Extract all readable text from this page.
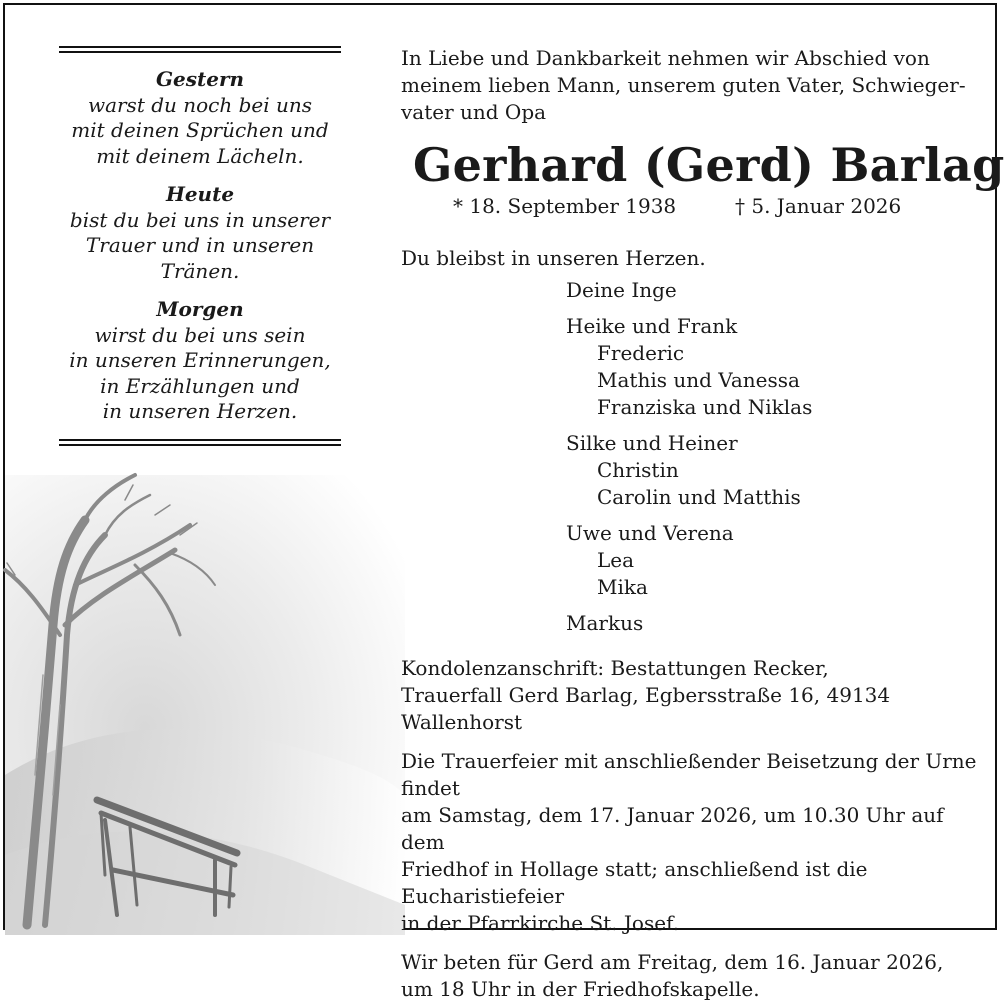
Gestern
warst du noch bei uns
mit deinen Sprüchen und
mit deinem Lächeln.
Heute
bist du bei uns in unserer
Trauer und in unseren Tränen.
Morgen
wirst du bei uns sein
in unseren Erinnerungen,
in Erzählungen und
in unseren Herzen.

In Liebe und Dankbarkeit nehmen wir Abschied von
meinem lieben Mann, unserem guten Vater, Schwieger-
vater und Opa

Gerhard (Gerd) Barlag
* 18. September 1938	† 5. Januar 2026
Du bleibst in unseren Herzen.
Deine Inge
Heike und Frank
Frederic
Mathis und Vanessa
Franziska und Niklas
Silke und Heiner
Christin
Carolin und Matthis
Uwe und Verena
Lea
Mika
Markus
Kondolenzanschrift: Bestattungen Recker,
Trauerfall Gerd Barlag, Egbersstraße 16, 49134 Wallenhorst
Die Trauerfeier mit anschließender Beisetzung der Urne findet
am Samstag, dem 17. Januar 2026, um 10.30 Uhr auf dem
Friedhof in Hollage statt; anschließend ist die Eucharistiefeier
in der Pfarrkirche St. Josef.
Wir beten für Gerd am Freitag, dem 16. Januar 2026,
um 18 Uhr in der Friedhofskapelle.
